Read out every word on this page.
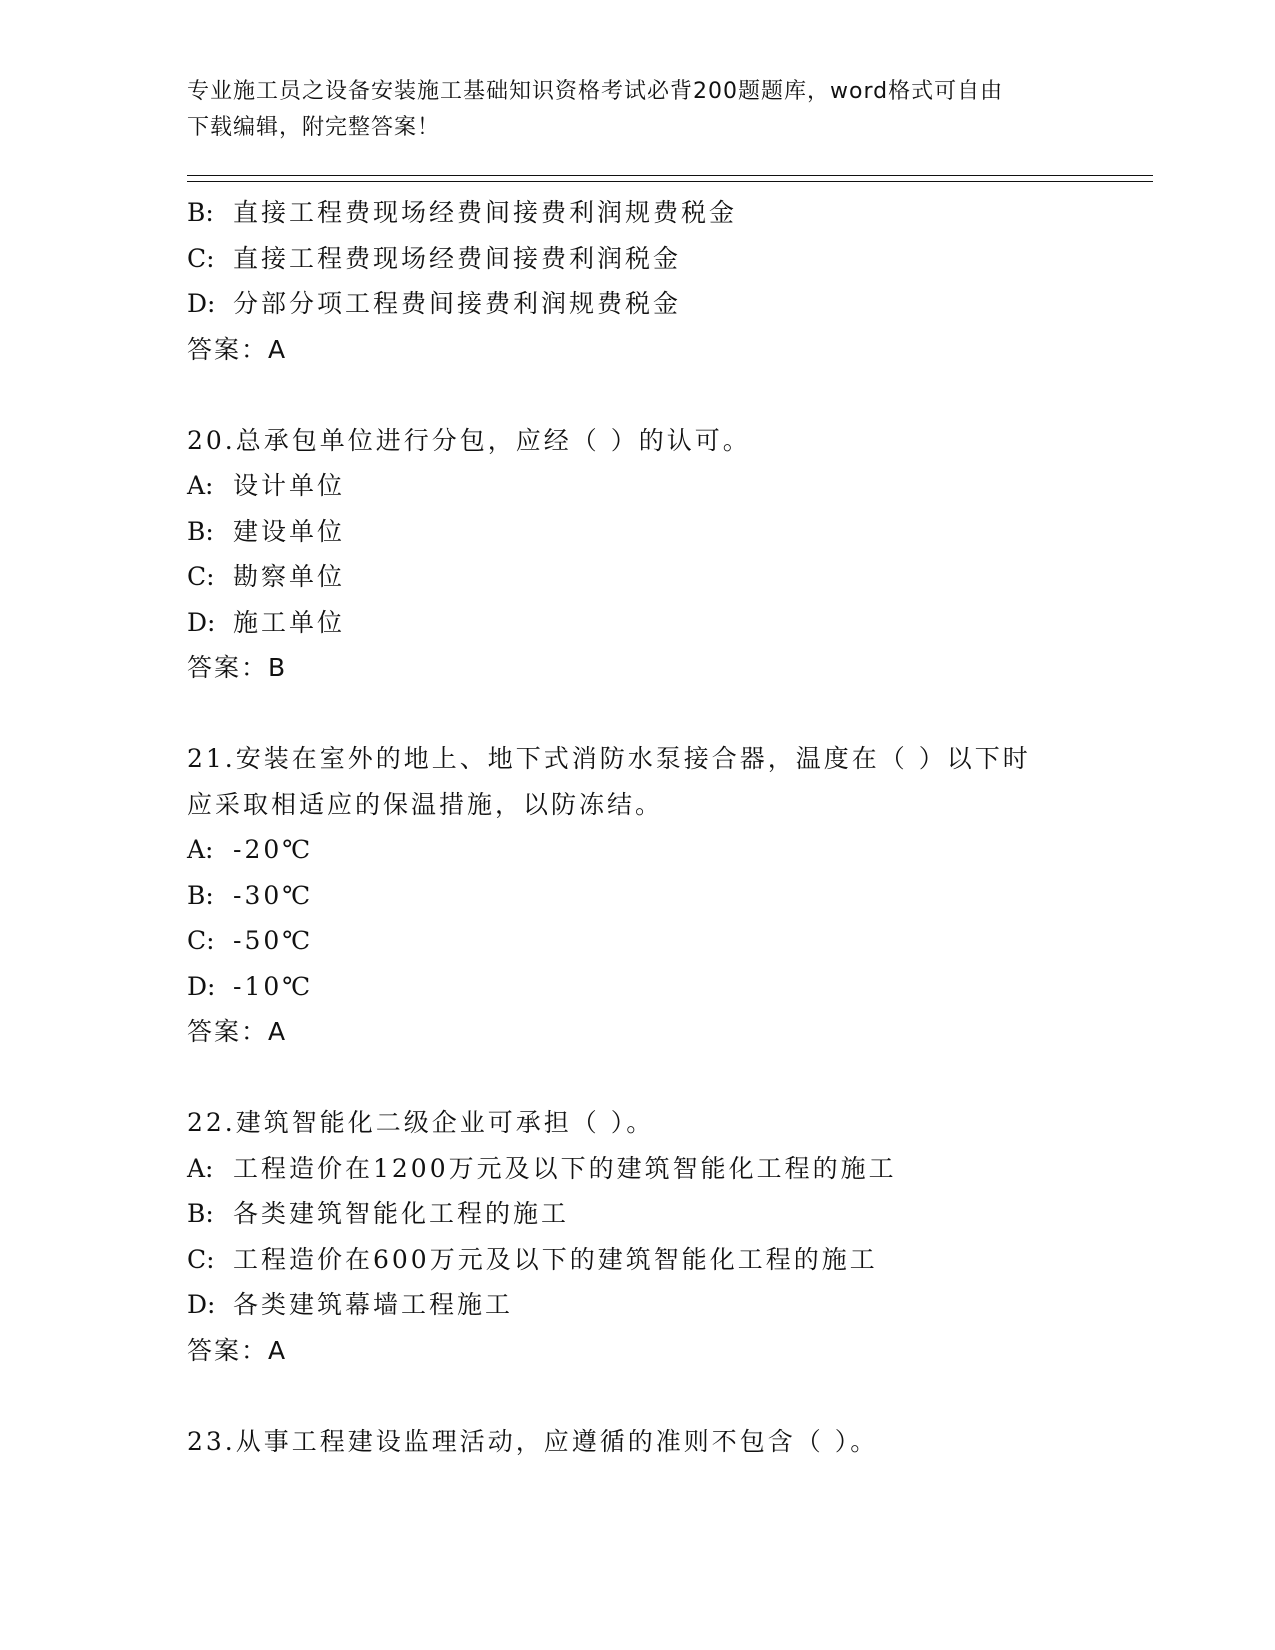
专业施工员之设备安装施工基础知识资格考试必背200题题库，word格式可自由
下载编辑，附完整答案！
B: 直接工程费现场经费间接费利润规费税金
C: 直接工程费现场经费间接费利润税金
D: 分部分项工程费间接费利润规费税金
答案：A
20.总承包单位进行分包，应经（ ）的认可。
A: 设计单位
B: 建设单位
C: 勘察单位
D: 施工单位
答案：B
21.安装在室外的地上、地下式消防水泵接合器，温度在（ ）以下时
应采取相适应的保温措施，以防冻结。
A: -20℃
B: -30℃
C: -50℃
D: -10℃
答案：A
22.建筑智能化二级企业可承担（ ）。
A: 工程造价在1200万元及以下的建筑智能化工程的施工
B: 各类建筑智能化工程的施工
C: 工程造价在600万元及以下的建筑智能化工程的施工
D: 各类建筑幕墙工程施工
答案：A
23.从事工程建设监理活动，应遵循的准则不包含（ ）。
